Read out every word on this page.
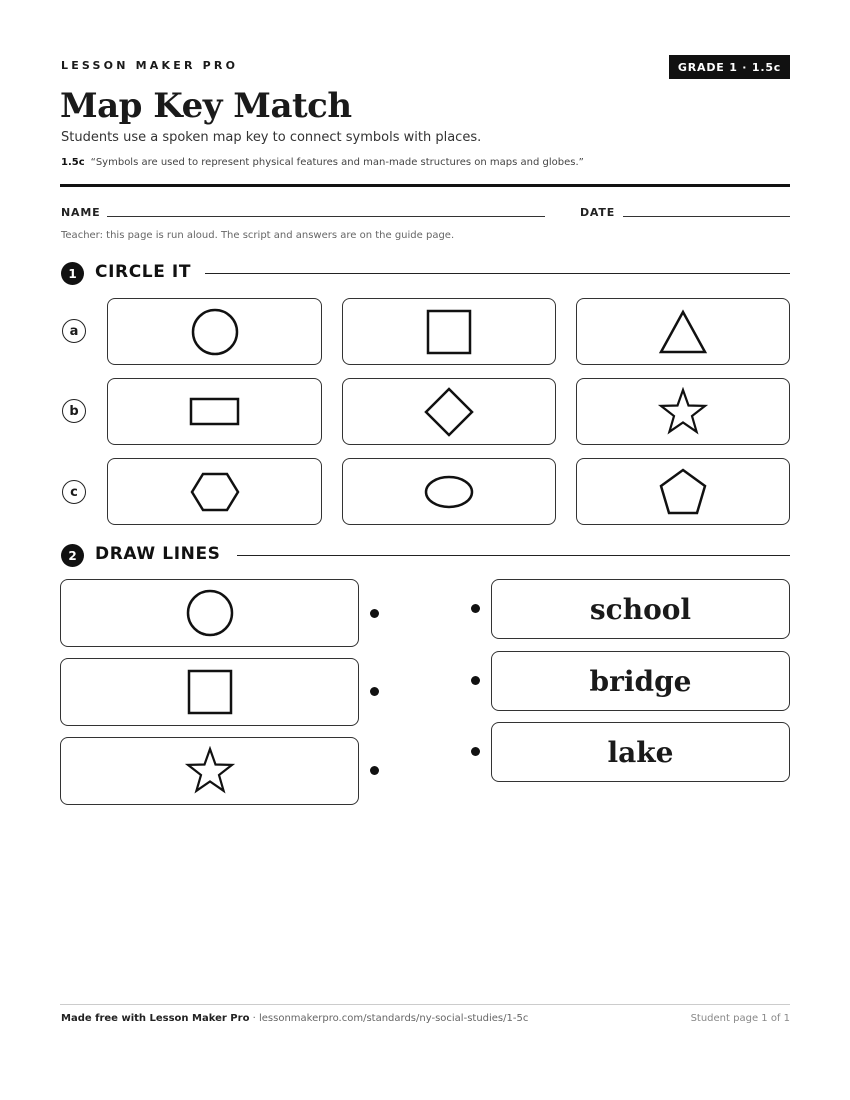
LESSON MAKER PRO	GRADE 1 · 1.5c
Map Key Match
Students use a spoken map key to connect symbols with places.
1.5c “Symbols are used to represent physical features and man-made structures on maps and globes.”
NAME	DATE
Teacher: this page is run aloud. The script and answers are on the guide page.
1	CIRCLE IT
a
b
c
2	DRAW LINES
school
bridge
lake
Made free with Lesson Maker Pro · lessonmakerpro.com/standards/ny-social-studies/1-5c	Student page 1 of 1
